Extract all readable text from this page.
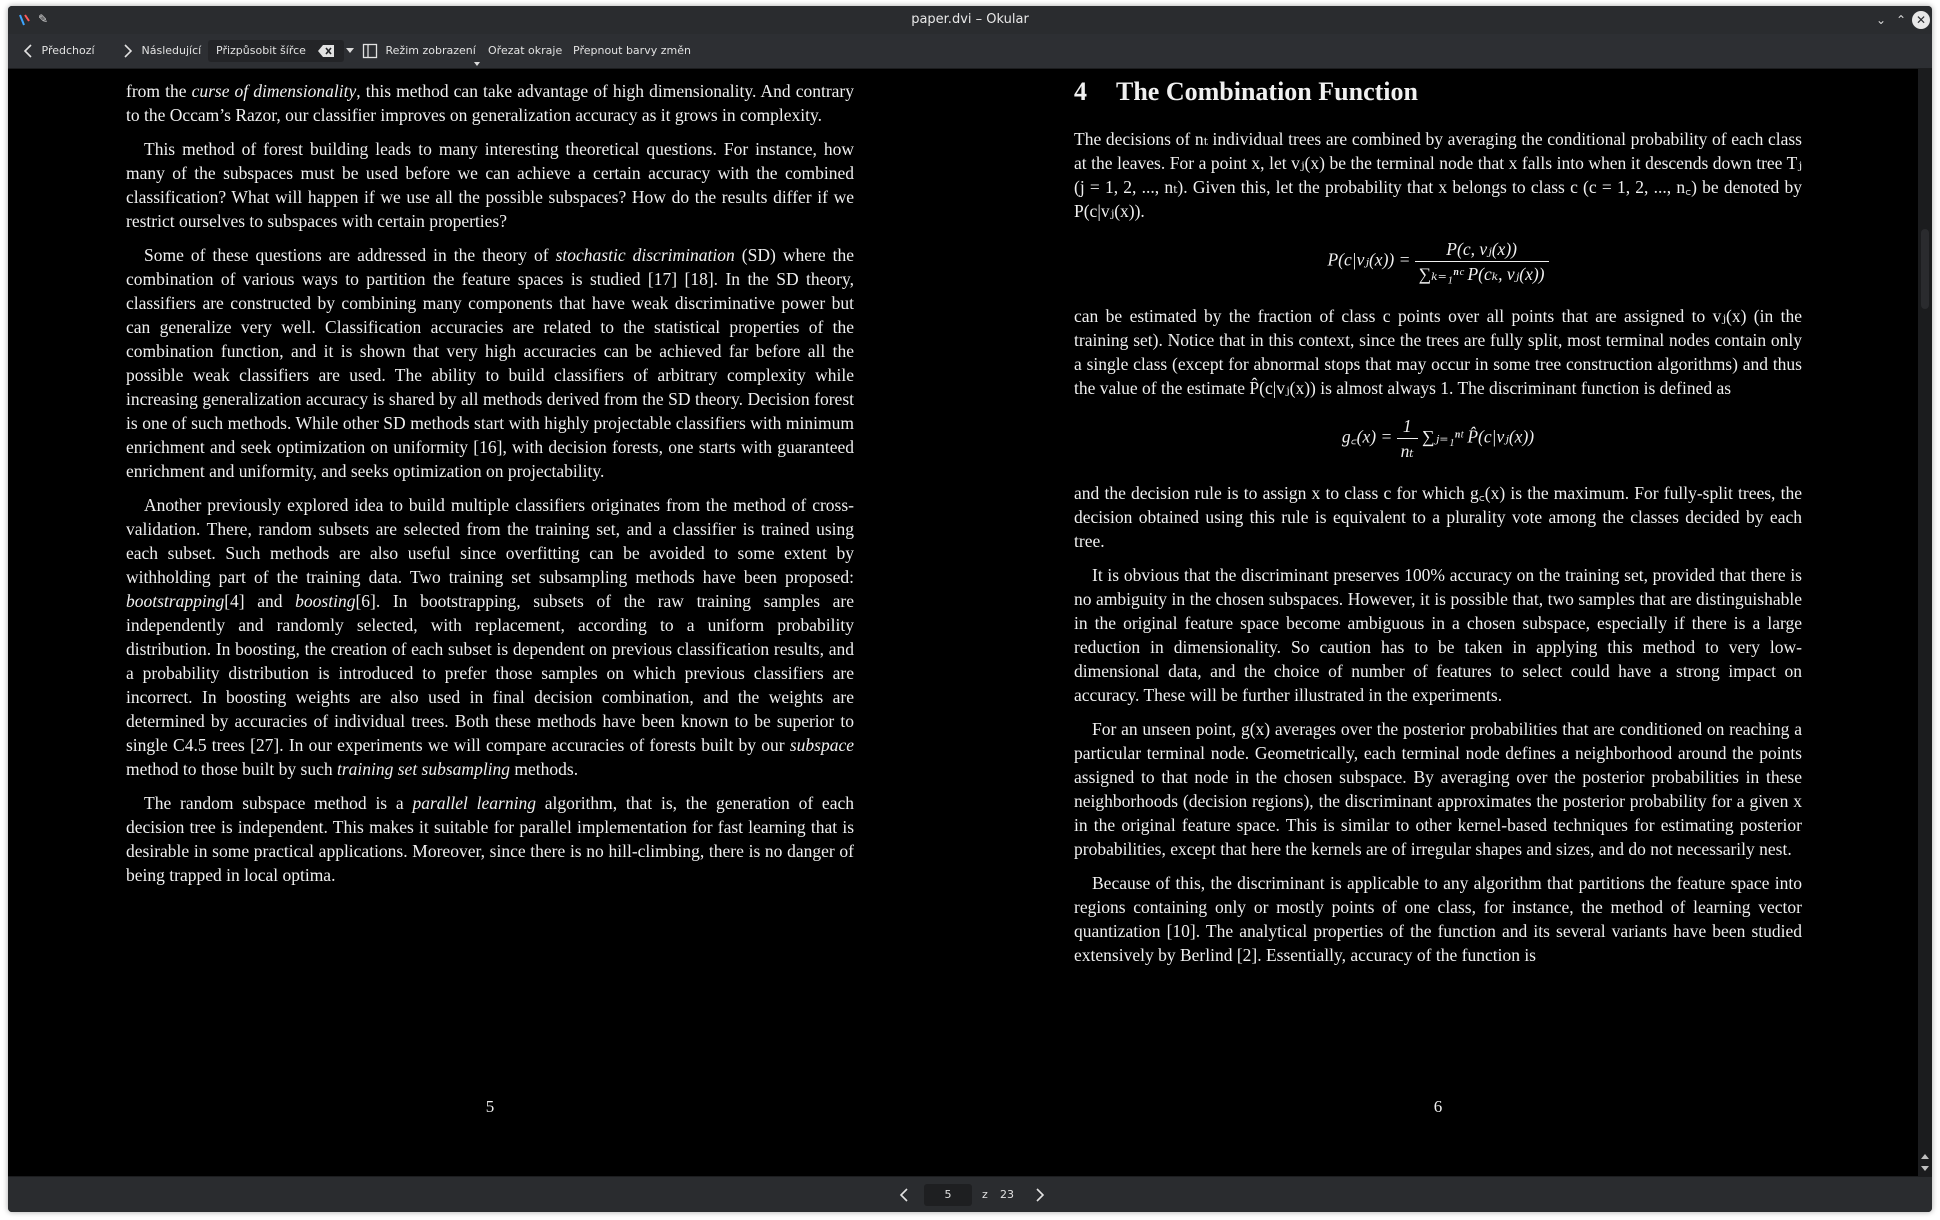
✎	paper.dvi – Okular	⌄ ⌃ ✕
Předchozí	Následující Přizpůsobit šířce	Režim zobrazení Ořezat okraje Přepnout barvy změn

from the curse of dimensionality, this method can take advantage of high dimensionality. And contrary to the Occam’s Razor, our classifier improves on generalization accuracy as it grows in complexity.

This method of forest building leads to many interesting theoretical questions. For instance, how many of the subspaces must be used before we can achieve a certain accuracy with the combined classification? What will happen if we use all the possible subspaces? How do the results differ if we restrict ourselves to subspaces with certain properties?

Some of these questions are addressed in the theory of stochastic discrimination (SD) where the combination of various ways to partition the feature spaces is studied [17] [18]. In the SD theory, classifiers are constructed by combining many components that have weak discriminative power but can generalize very well. Classification accuracies are related to the statistical properties of the combination function, and it is shown that very high accuracies can be achieved far before all the possible weak classifiers are used. The ability to build classifiers of arbitrary complexity while increasing generalization accuracy is shared by all methods derived from the SD theory. Decision forest is one of such methods. While other SD methods start with highly projectable classifiers with minimum enrichment and seek optimization on uniformity [16], with decision forests, one starts with guaranteed enrichment and uniformity, and seeks optimization on projectability.

Another previously explored idea to build multiple classifiers originates from the method of cross-validation. There, random subsets are selected from the training set, and a classifier is trained using each subset. Such methods are also useful since overfitting can be avoided to some extent by withholding part of the training data. Two training set subsampling methods have been proposed: bootstrapping[4] and boosting[6]. In bootstrapping, subsets of the raw training samples are independently and randomly selected, with replacement, according to a uniform probability distribution. In boosting, the creation of each subset is dependent on previous classification results, and a probability distribution is introduced to prefer those samples on which previous classifiers are incorrect. In boosting weights are also used in final decision combination, and the weights are determined by accuracies of individual trees. Both these methods have been known to be superior to single C4.5 trees [27]. In our experiments we will compare accuracies of forests built by our subspace method to those built by such training set subsampling methods.

The random subspace method is a parallel learning algorithm, that is, the generation of each decision tree is independent. This makes it suitable for parallel implementation for fast learning that is desirable in some practical applications. Moreover, since there is no hill-climbing, there is no danger of being trapped in local optima.

5
4 The Combination Function

The decisions of nₜ individual trees are combined by averaging the conditional probability of each class at the leaves. For a point x, let vⱼ(x) be the terminal node that x falls into when it descends down tree Tⱼ (j = 1, 2, ..., nₜ). Given this, let the probability that x belongs to class c (c = 1, 2, ..., n꜀) be denoted by P(c|vⱼ(x)).

P(c|vⱼ(x)) = $\frac{\text{P(c, vⱼ(x))}}{\text{∑ₖ₌₁ⁿᶜ P(cₖ, vⱼ(x))}}$

can be estimated by the fraction of class c points over all points that are assigned to vⱼ(x) (in the training set). Notice that in this context, since the trees are fully split, most terminal nodes contain only a single class (except for abnormal stops that may occur in some tree construction algorithms) and thus the value of the estimate P̂(c|vⱼ(x)) is almost always 1. The discriminant function is defined as

g꜀(x) = $\frac{1}{\text{nₜ}}$ ∑ⱼ₌₁ⁿᵗ P̂(c|vⱼ(x))

and the decision rule is to assign x to class c for which g꜀(x) is the maximum. For fully-split trees, the decision obtained using this rule is equivalent to a plurality vote among the classes decided by each tree.

It is obvious that the discriminant preserves 100% accuracy on the training set, provided that there is no ambiguity in the chosen subspaces. However, it is possible that, two samples that are distinguishable in the original feature space become ambiguous in a chosen subspace, especially if there is a large reduction in dimensionality. So caution has to be taken in applying this method to very low-dimensional data, and the choice of number of features to select could have a strong impact on accuracy. These will be further illustrated in the experiments.

For an unseen point, g(x) averages over the posterior probabilities that are conditioned on reaching a particular terminal node. Geometrically, each terminal node defines a neighborhood around the points assigned to that node in the chosen subspace. By averaging over the posterior probabilities in these neighborhoods (decision regions), the discriminant approximates the posterior probability for a given x in the original feature space. This is similar to other kernel-based techniques for estimating posterior probabilities, except that here the kernels are of irregular shapes and sizes, and do not necessarily nest.

Because of this, the discriminant is applicable to any algorithm that partitions the feature space into regions containing only or mostly points of one class, for instance, the method of learning vector quantization [10]. The analytical properties of the function and its several variants have been studied extensively by Berlind [2]. Essentially, accuracy of the function is

6
5	z 23
